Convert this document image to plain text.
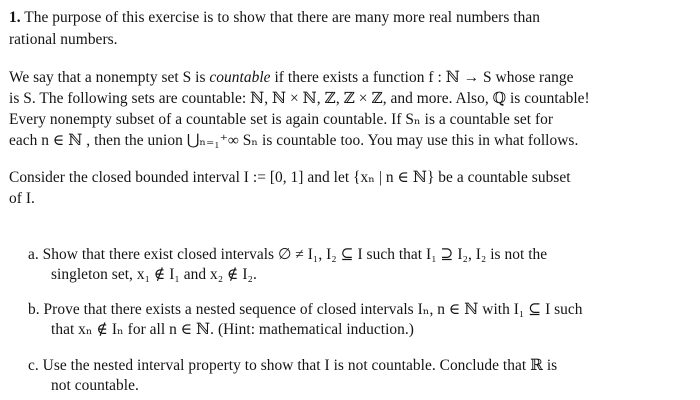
1. The purpose of this exercise is to show that there are many more real numbers than
rational numbers.
We say that a nonempty set S is countable if there exists a function f : ℕ → S whose range
is S. The following sets are countable: ℕ, ℕ × ℕ, ℤ, ℤ × ℤ, and more. Also, ℚ is countable!
Every nonempty subset of a countable set is again countable. If Sₙ is a countable set for
each n ∈ ℕ , then the union ⋃ₙ₌₁⁺∞ Sₙ is countable too. You may use this in what follows.
Consider the closed bounded interval I := [0, 1] and let {xₙ | n ∈ ℕ} be a countable subset
of I.
a. Show that there exist closed intervals ∅ ≠ I₁, I₂ ⊆ I such that I₁ ⊇ I₂, I₂ is not the
singleton set, x₁ ∉ I₁ and x₂ ∉ I₂.
b. Prove that there exists a nested sequence of closed intervals Iₙ, n ∈ ℕ with I₁ ⊆ I such
that xₙ ∉ Iₙ for all n ∈ ℕ. (Hint: mathematical induction.)
c. Use the nested interval property to show that I is not countable. Conclude that ℝ is
not countable.
